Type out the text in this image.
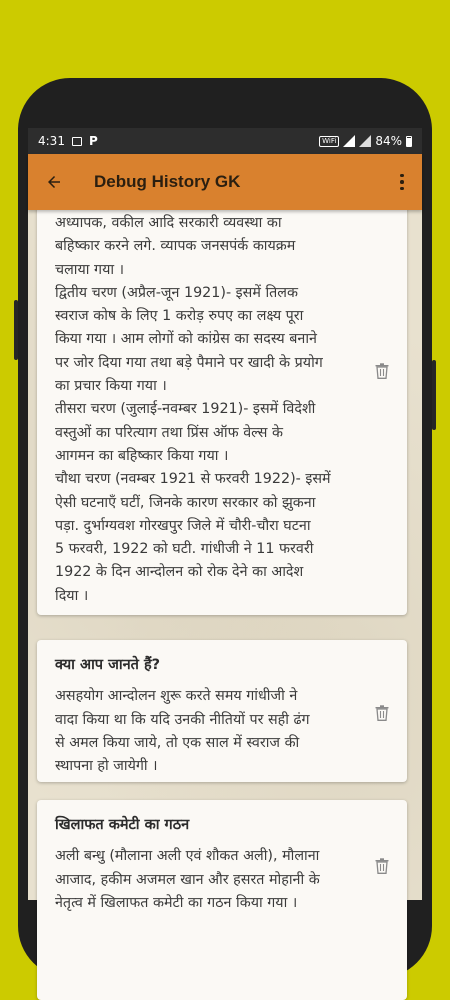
4:31 P	WiFi	84%
Debug History GK
अध्यापक, वकील आदि सरकारी व्यवस्था का
बहिष्कार करने लगे. व्यापक जनसपंर्क कायक्रम
चलाया गया ।
द्वितीय चरण (अप्रैल-जून 1921)- इसमें तिलक
स्वराज कोष के लिए 1 करोड़ रुपए का लक्ष्य पूरा
किया गया । आम लोगों को कांग्रेस का सदस्य बनाने
पर जोर दिया गया तथा बड़े पैमाने पर खादी के प्रयोग
का प्रचार किया गया ।
तीसरा चरण (जुलाई-नवम्बर 1921)- इसमें विदेशी
वस्तुओं का परित्याग तथा प्रिंस ऑफ वेल्स के
आगमन का बहिष्कार किया गया ।
चौथा चरण (नवम्बर 1921 से फरवरी 1922)- इसमें
ऐसी घटनाएँ घटीं, जिनके कारण सरकार को झुकना
पड़ा. दुर्भाग्यवश गोरखपुर जिले में चौरी-चौरा घटना
5 फरवरी, 1922 को घटी. गांधीजी ने 11 फरवरी
1922 के दिन आन्दोलन को रोक देने का आदेश
दिया ।
क्या आप जानते हैं?
असहयोग आन्दोलन शुरू करते समय गांधीजी ने
वादा किया था कि यदि उनकी नीतियों पर सही ढंग
से अमल किया जाये, तो एक साल में स्वराज की
स्थापना हो जायेगी ।
खिलाफत कमेटी का गठन
अली बन्धु (मौलाना अली एवं शौकत अली), मौलाना
आजाद, हकीम अजमल खान और हसरत मोहानी के
नेतृत्व में खिलाफत कमेटी का गठन किया गया ।
